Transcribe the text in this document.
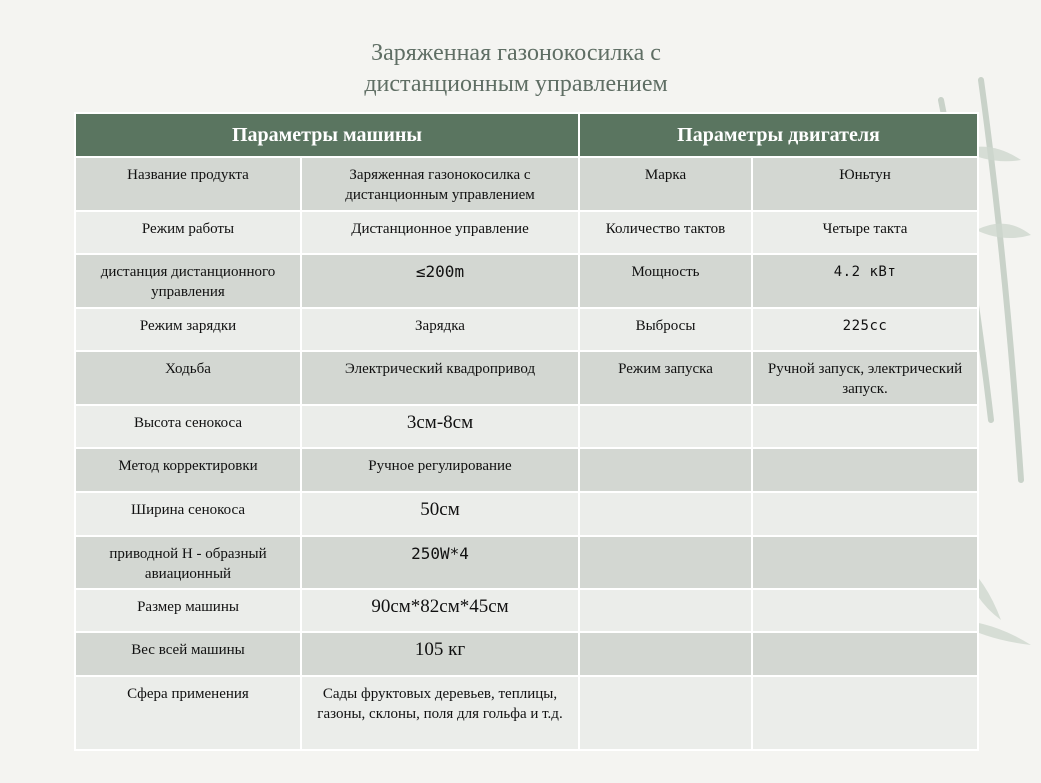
Заряженная газонокосилка с
дистанционным управлением
Параметры машины		Параметры двигателя	
Название продукта	Заряженная газонокосилка с дистанционным управлением	Марка	Юньтун
Режим работы	Дистанционное управление	Количество тактов	Четыре такта
дистанция дистанционного управления	≤200m	Мощность	4.2 кВт
Режим зарядки	Зарядка	Выбросы	225cc
Ходьба	Электрический квадропривод	Режим запуска	Ручной запуск, электрический запуск.
Высота сенокоса	3см-8см		
Метод корректировки	Ручное регулирование		
Ширина сенокоса	50см		
приводной H - образный авиационный	250W*4		
Размер машины	90см*82см*45см		
Вес всей машины	105 кг		
Сфера применения	Сады фруктовых деревьев, теплицы, газоны, склоны, поля для гольфа и т.д.		
